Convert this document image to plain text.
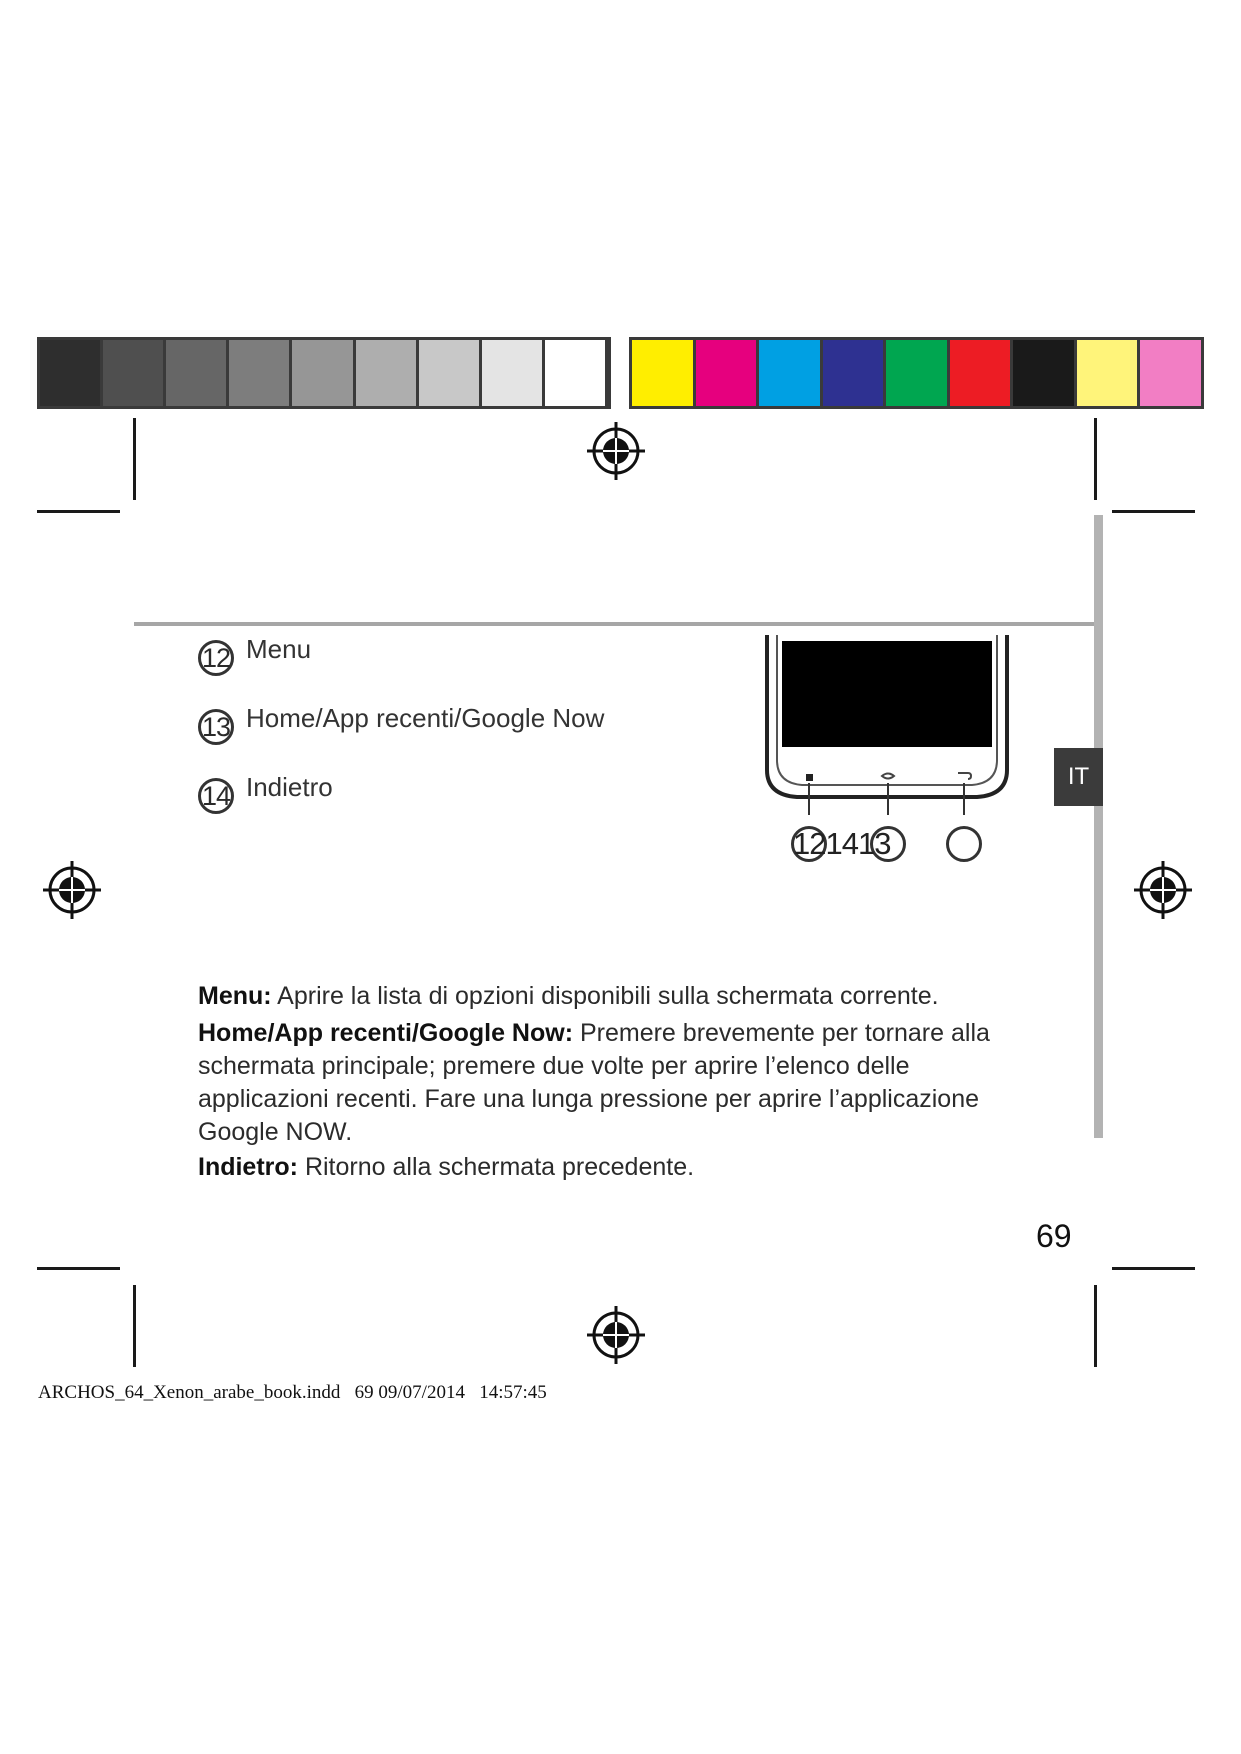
IT
12 Menu
13 Home/App recenti/Google Now
14 Indietro
121413

Menu: Aprire la lista di opzioni disponibili sulla schermata corrente.

Home/App recenti/Google Now: Premere brevemente per tornare alla schermata principale; premere due volte per aprire l’elenco delle applicazioni recenti. Fare una lunga pressione per aprire l’applicazione Google NOW.

Indietro: Ritorno alla schermata precedente.

69
ARCHOS_64_Xenon_arabe_book.indd   69 09/07/2014   14:57:45
